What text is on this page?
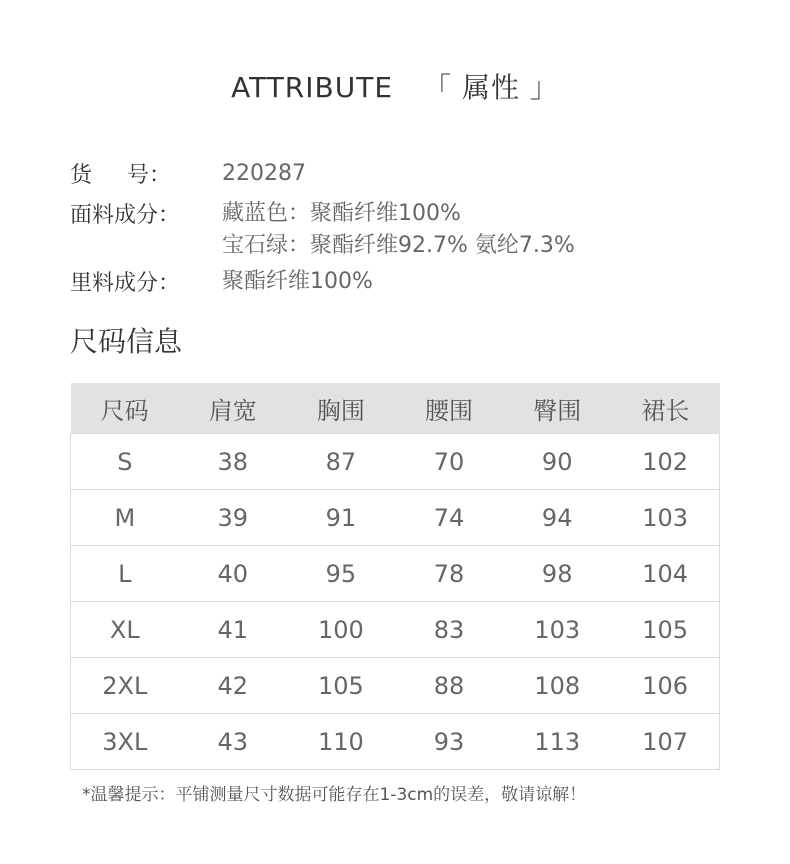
ATTRIBUTE 「 属性 」
货     号：	220287
面料成分：	藏蓝色：聚酯纤维100%
宝石绿：聚酯纤维92.7% 氨纶7.3%
里料成分：	聚酯纤维100%
尺码信息
尺码	肩宽	胸围	腰围	臀围	裙长
S	38	87	70	90	102
M	39	91	74	94	103
L	40	95	78	98	104
XL	41	100	83	103	105
2XL	42	105	88	108	106
3XL	43	110	93	113	107
*温馨提示：平铺测量尺寸数据可能存在1-3cm的误差，敬请谅解！
